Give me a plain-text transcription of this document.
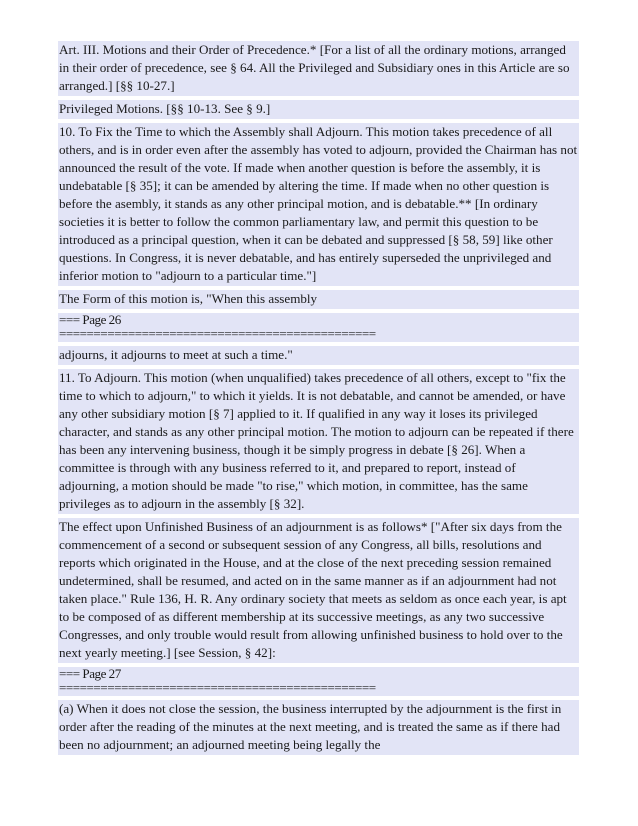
Art. III. Motions and their Order of Precedence.* [For a list of all the ordinary motions, arranged in their order of precedence, see § 64. All the Privileged and Subsidiary ones in this Article are so arranged.] [§§ 10-27.]
Privileged Motions. [§§ 10-13. See § 9.]
10. To Fix the Time to which the Assembly shall Adjourn. This motion takes precedence of all others, and is in order even after the assembly has voted to adjourn, provided the Chairman has not announced the result of the vote. If made when another question is before the assembly, it is undebatable [§ 35]; it can be amended by altering the time. If made when no other question is before the asembly, it stands as any other principal motion, and is debatable.** [In ordinary societies it is better to follow the common parliamentary law, and permit this question to be introduced as a principal question, when it can be debated and suppressed [§ 58, 59] like other questions. In Congress, it is never debatable, and has entirely superseded the unprivileged and inferior motion to "adjourn to a particular time."]
The Form of this motion is, "When this assembly
=== Page 26
==============================================
adjourns, it adjourns to meet at such a time."
11. To Adjourn. This motion (when unqualified) takes precedence of all others, except to "fix the time to which to adjourn," to which it yields. It is not debatable, and cannot be amended, or have any other subsidiary motion [§ 7] applied to it. If qualified in any way it loses its privileged character, and stands as any other principal motion. The motion to adjourn can be repeated if there has been any intervening business, though it be simply progress in debate [§ 26]. When a committee is through with any business referred to it, and prepared to report, instead of adjourning, a motion should be made "to rise," which motion, in committee, has the same privileges as to adjourn in the assembly [§ 32].
The effect upon Unfinished Business of an adjournment is as follows* ["After six days from the commencement of a second or subsequent session of any Congress, all bills, resolutions and reports which originated in the House, and at the close of the next preceding session remained undetermined, shall be resumed, and acted on in the same manner as if an adjournment had not taken place." Rule 136, H. R. Any ordinary society that meets as seldom as once each year, is apt to be composed of as different membership at its successive meetings, as any two successive Congresses, and only trouble would result from allowing unfinished business to hold over to the next yearly meeting.] [see Session, § 42]:
=== Page 27
==============================================
(a) When it does not close the session, the business interrupted by the adjournment is the first in order after the reading of the minutes at the next meeting, and is treated the same as if there had been no adjournment; an adjourned meeting being legally the
